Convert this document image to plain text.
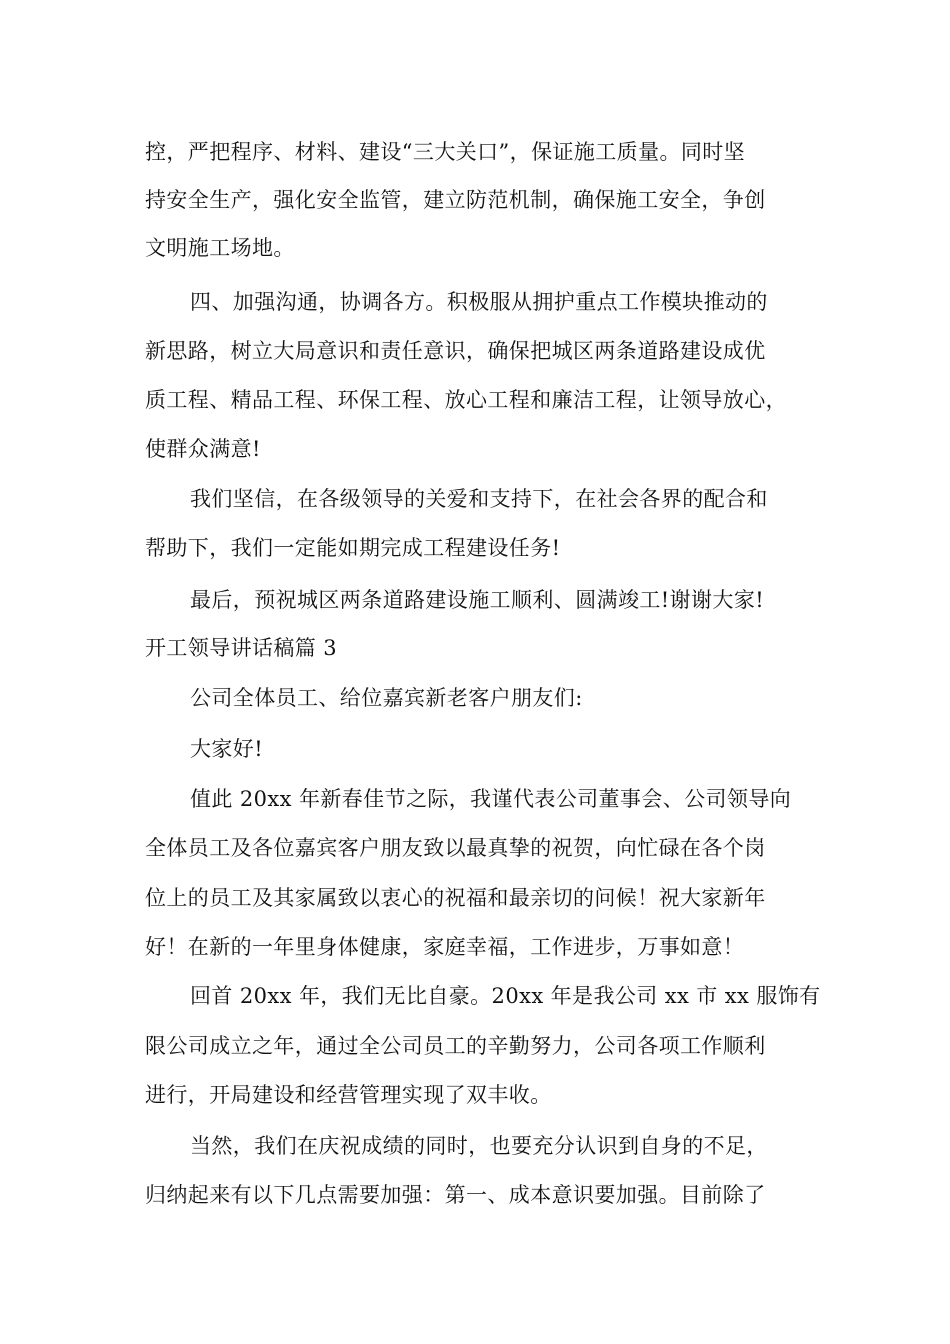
控，严把程序、材料、建设“三大关口”，保证施工质量。同时坚
持安全生产，强化安全监管，建立防范机制，确保施工安全，争创
文明施工场地。
四、加强沟通，协调各方。积极服从拥护重点工作模块推动的
新思路，树立大局意识和责任意识，确保把城区两条道路建设成优
质工程、精品工程、环保工程、放心工程和廉洁工程，让领导放心，
使群众满意!
我们坚信，在各级领导的关爱和支持下，在社会各界的配合和
帮助下，我们一定能如期完成工程建设任务!
最后，预祝城区两条道路建设施工顺利、圆满竣工!谢谢大家!
开工领导讲话稿篇 3
公司全体员工、给位嘉宾新老客户朋友们:
大家好!
值此 20xx 年新春佳节之际，我谨代表公司董事会、公司领导向
全体员工及各位嘉宾客户朋友致以最真挚的祝贺，向忙碌在各个岗
位上的员工及其家属致以衷心的祝福和最亲切的问候！祝大家新年
好！在新的一年里身体健康，家庭幸福，工作进步，万事如意！
回首 20xx 年，我们无比自豪。20xx 年是我公司 xx 市 xx 服饰有
限公司成立之年，通过全公司员工的辛勤努力，公司各项工作顺利
进行，开局建设和经营管理实现了双丰收。
当然，我们在庆祝成绩的同时，也要充分认识到自身的不足，
归纳起来有以下几点需要加强：第一、成本意识要加强。目前除了
